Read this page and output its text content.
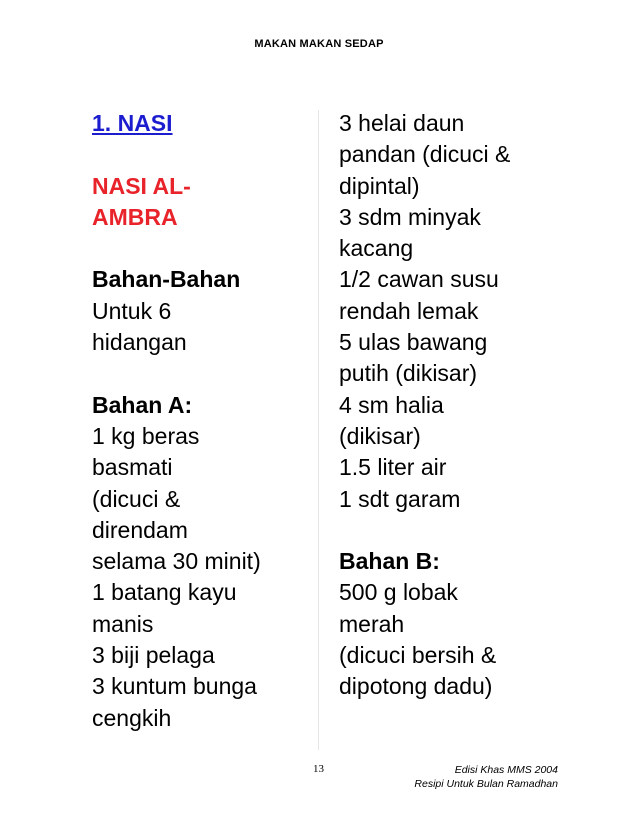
MAKAN MAKAN SEDAP
1. NASI
NASI AL-
AMBRA
Bahan-Bahan
Untuk 6
hidangan
Bahan A:
1 kg beras
basmati
(dicuci &
direndam
selama 30 minit)
1 batang kayu
manis
3 biji pelaga
3 kuntum bunga
cengkih
3 helai daun
pandan (dicuci &
dipintal)
3 sdm minyak
kacang
1/2 cawan susu
rendah lemak
5 ulas bawang
putih (dikisar)
4 sm halia
(dikisar)
1.5 liter air
1 sdt garam
Bahan B:
500 g lobak
merah
(dicuci bersih &
dipotong dadu)
13	Edisi Khas MMS 2004
Resipi Untuk Bulan Ramadhan
